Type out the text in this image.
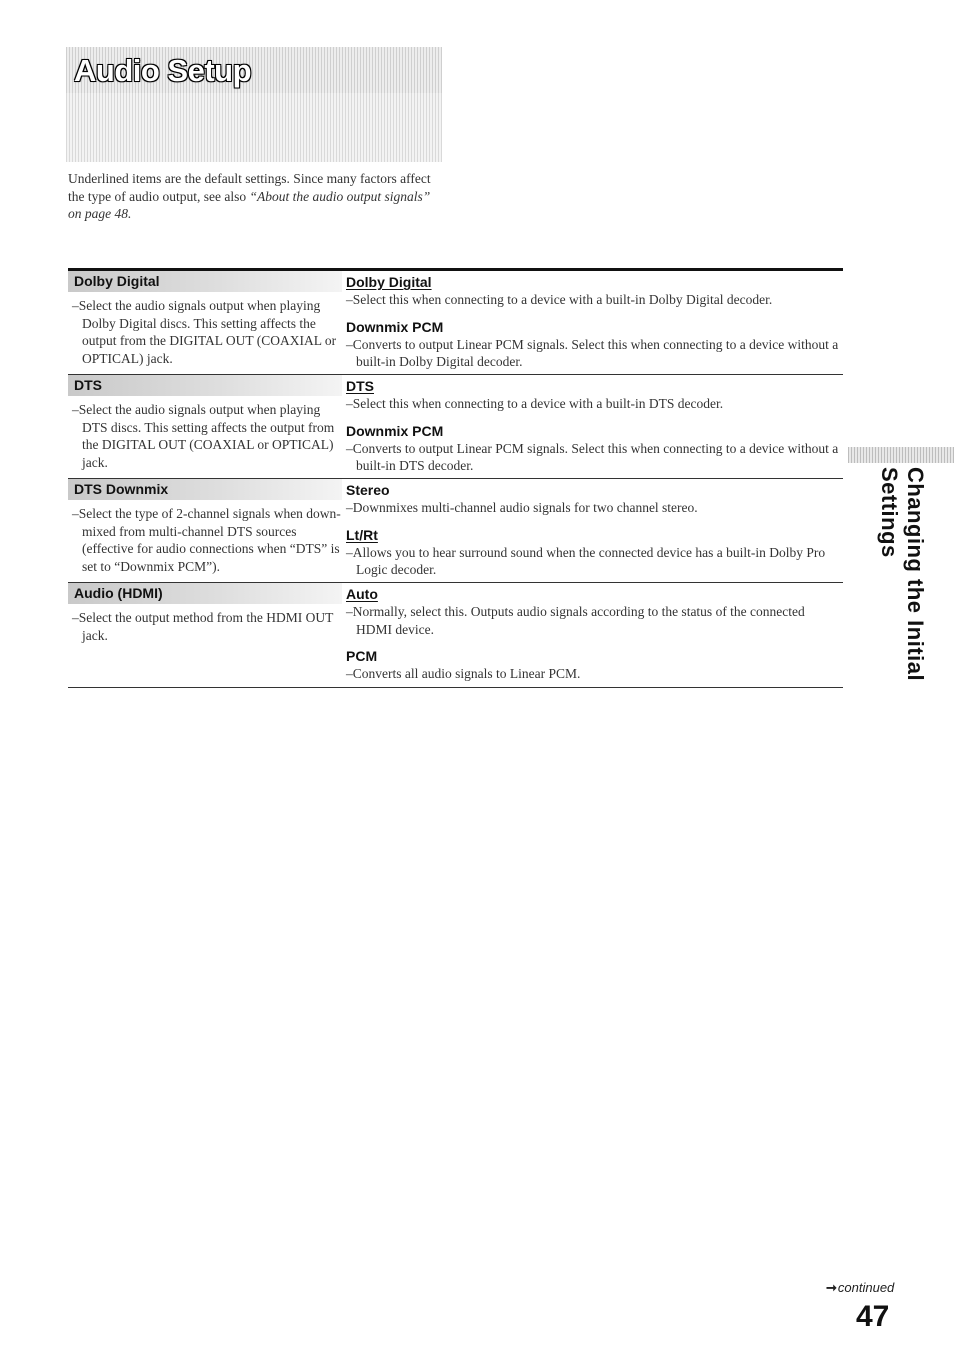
Audio Setup
Underlined items are the default settings. Since many factors affect the type of audio output, see also “About the audio output signals” on page 48.
Dolby Digital
–Select the audio signals output when playing Dolby Digital discs. This setting affects the output from the DIGITAL OUT (COAXIAL or OPTICAL) jack.
Dolby Digital
–Select this when connecting to a device with a built-in Dolby Digital decoder.
Downmix PCM
–Converts to output Linear PCM signals. Select this when connecting to a device without a built-in Dolby Digital decoder.
DTS
–Select the audio signals output when playing DTS discs. This setting affects the output from the DIGITAL OUT (COAXIAL or OPTICAL) jack.
DTS
–Select this when connecting to a device with a built-in DTS decoder.
Downmix PCM
–Converts to output Linear PCM signals. Select this when connecting to a device without a built-in DTS decoder.
DTS Downmix
–Select the type of 2-channel signals when down-mixed from multi-channel DTS sources (effective for audio connections when “DTS” is set to “Downmix PCM”).
Stereo
–Downmixes multi-channel audio signals for two channel stereo.
Lt/Rt
–Allows you to hear surround sound when the connected device has a built-in Dolby Pro Logic decoder.
Audio (HDMI)
–Select the output method from the HDMI OUT jack.
Auto
–Normally, select this. Outputs audio signals according to the status of the connected HDMI device.
PCM
–Converts all audio signals to Linear PCM.	Changing the Initial Settings
➞continued
47
